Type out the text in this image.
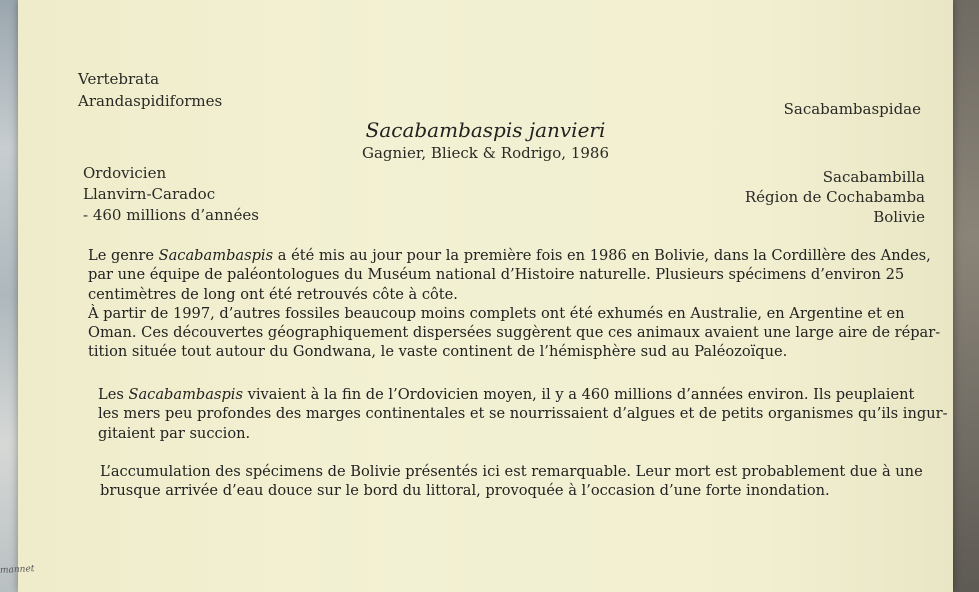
Vertebrata
Arandaspidiformes	Sacabambaspidae
Sacabambaspis janvieri
Gagnier, Blieck & Rodrigo, 1986
Ordovicien
Llanvirn-Caradoc
- 460 millions d’années
Sacabambilla
Région de Cochabamba
Bolivie
Le genre Sacabambaspis a été mis au jour pour la première fois en 1986 en Bolivie, dans la Cordillère des Andes,
par une équipe de paléontologues du Muséum national d’Histoire naturelle. Plusieurs spécimens d’environ 25
centimètres de long ont été retrouvés côte à côte.
À partir de 1997, d’autres fossiles beaucoup moins complets ont été exhumés en Australie, en Argentine et en
Oman. Ces découvertes géographiquement dispersées suggèrent que ces animaux avaient une large aire de répar-
tition située tout autour du Gondwana, le vaste continent de l’hémisphère sud au Paléozoïque.
Les Sacabambaspis vivaient à la fin de l’Ordovicien moyen, il y a 460 millions d’années environ. Ils peuplaient
les mers peu profondes des marges continentales et se nourrissaient d’algues et de petits organismes qu’ils ingur-
gitaient par succion.
L’accumulation des spécimens de Bolivie présentés ici est remarquable. Leur mort est probablement due à une
brusque arrivée d’eau douce sur le bord du littoral, provoquée à l’occasion d’une forte inondation.
mannet
